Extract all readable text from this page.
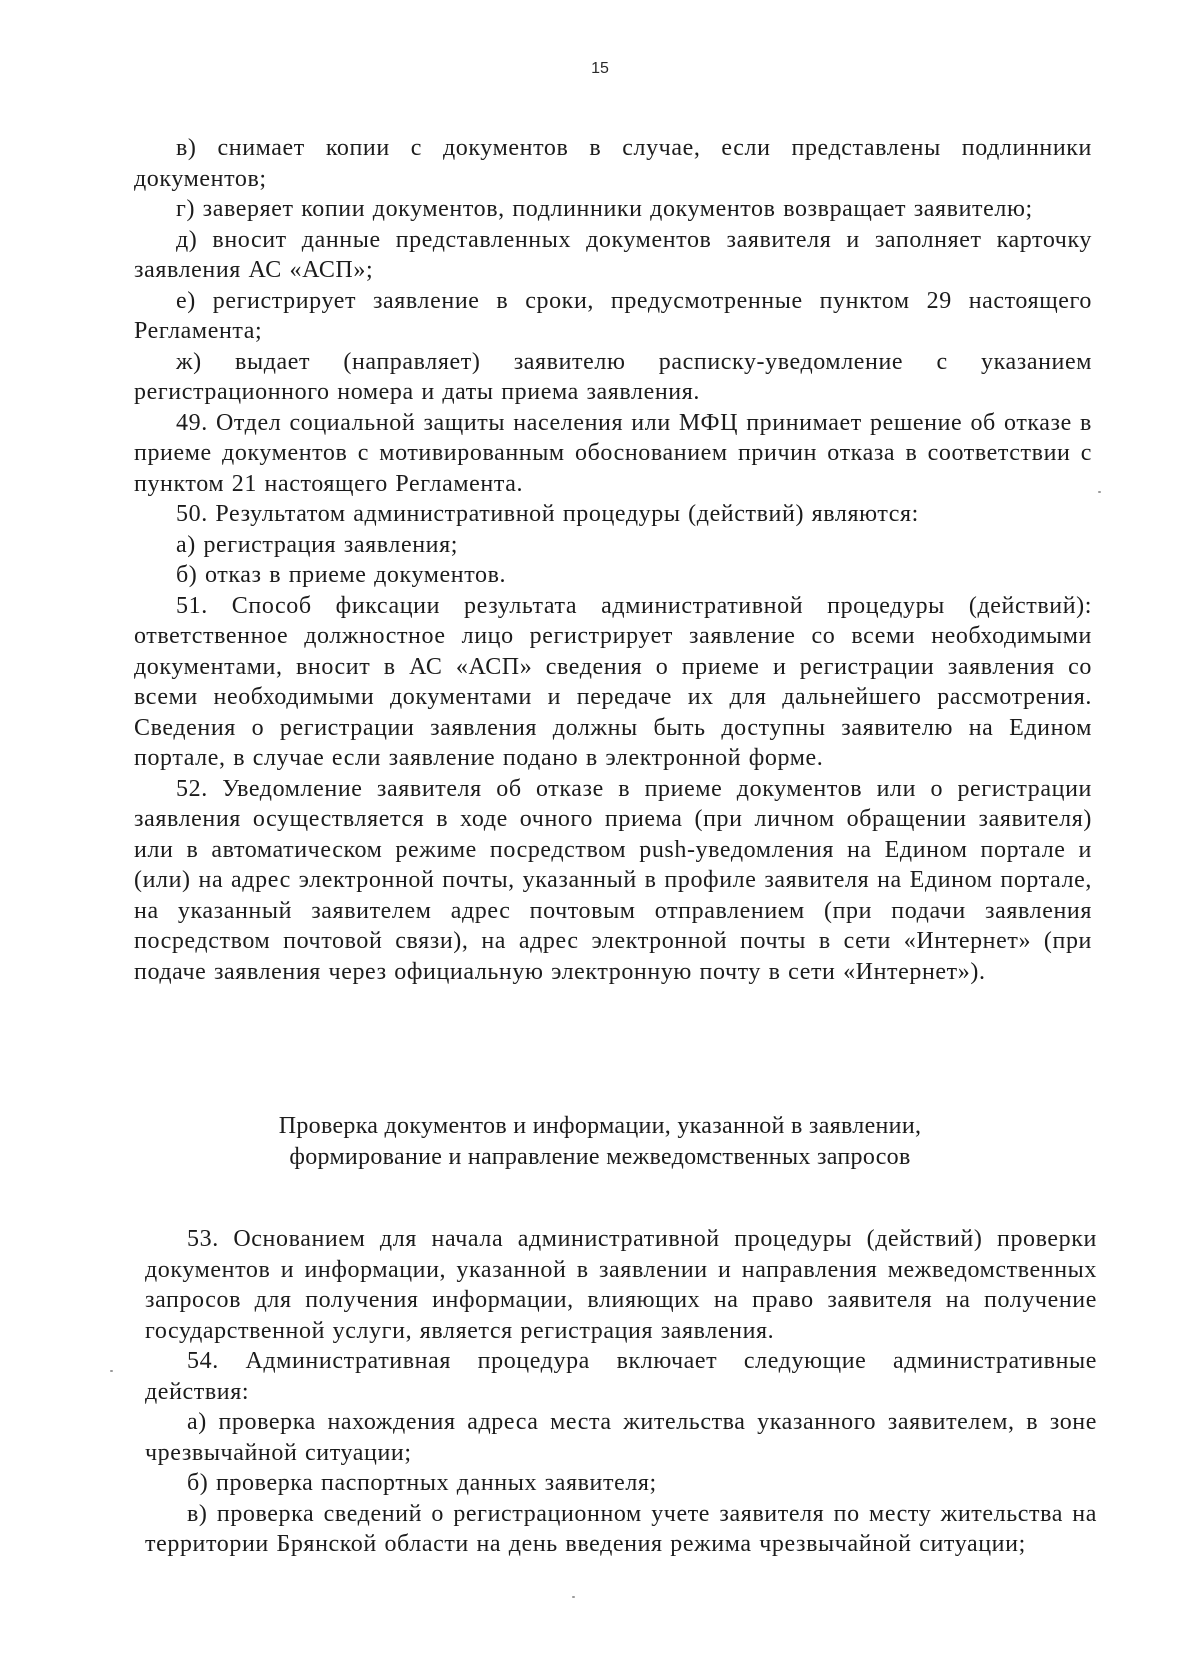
15

в) снимает копии с документов в случае, если представлены подлинники документов;

г) заверяет копии документов, подлинники документов возвращает заявителю;

д) вносит данные представленных документов заявителя и заполняет карточку заявления АС «АСП»;

е) регистрирует заявление в сроки, предусмотренные пунктом 29 настоящего Регламента;

ж) выдает (направляет) заявителю расписку-уведомление с указанием регистрационного номера и даты приема заявления.

49. Отдел социальной защиты населения или МФЦ принимает решение об отказе в приеме документов с мотивированным обоснованием причин отказа в соответствии с пунктом 21 настоящего Регламента.

50. Результатом административной процедуры (действий) являются:

а) регистрация заявления;

б) отказ в приеме документов.

51. Способ фиксации результата административной процедуры (действий): ответственное должностное лицо регистрирует заявление со всеми необходимыми документами, вносит в АС «АСП» сведения о приеме и регистрации заявления со всеми необходимыми документами и передаче их для дальнейшего рассмотрения. Сведения о регистрации заявления должны быть доступны заявителю на Едином портале, в случае если заявление подано в электронной форме.

52. Уведомление заявителя об отказе в приеме документов или о регистрации заявления осуществляется в ходе очного приема (при личном обращении заявителя) или в автоматическом режиме посредством push-уведомления на Едином портале и (или) на адрес электронной почты, указанный в профиле заявителя на Едином портале, на указанный заявителем адрес почтовым отправлением (при подачи заявления посредством почтовой связи), на адрес электронной почты в сети «Интернет» (при подаче заявления через официальную электронную почту в сети «Интернет»).

Проверка документов и информации, указанной в заявлении,
формирование и направление межведомственных запросов

53. Основанием для начала административной процедуры (действий) проверки документов и информации, указанной в заявлении и направления межведомственных запросов для получения информации, влияющих на право заявителя на получение государственной услуги, является регистрация заявления.

54. Административная процедура включает следующие административные действия:

а) проверка нахождения адреса места жительства указанного заявителем, в зоне чрезвычайной ситуации;

б) проверка паспортных данных заявителя;

в) проверка сведений о регистрационном учете заявителя по месту жительства на территории Брянской области на день введения режима чрезвычайной ситуации;
